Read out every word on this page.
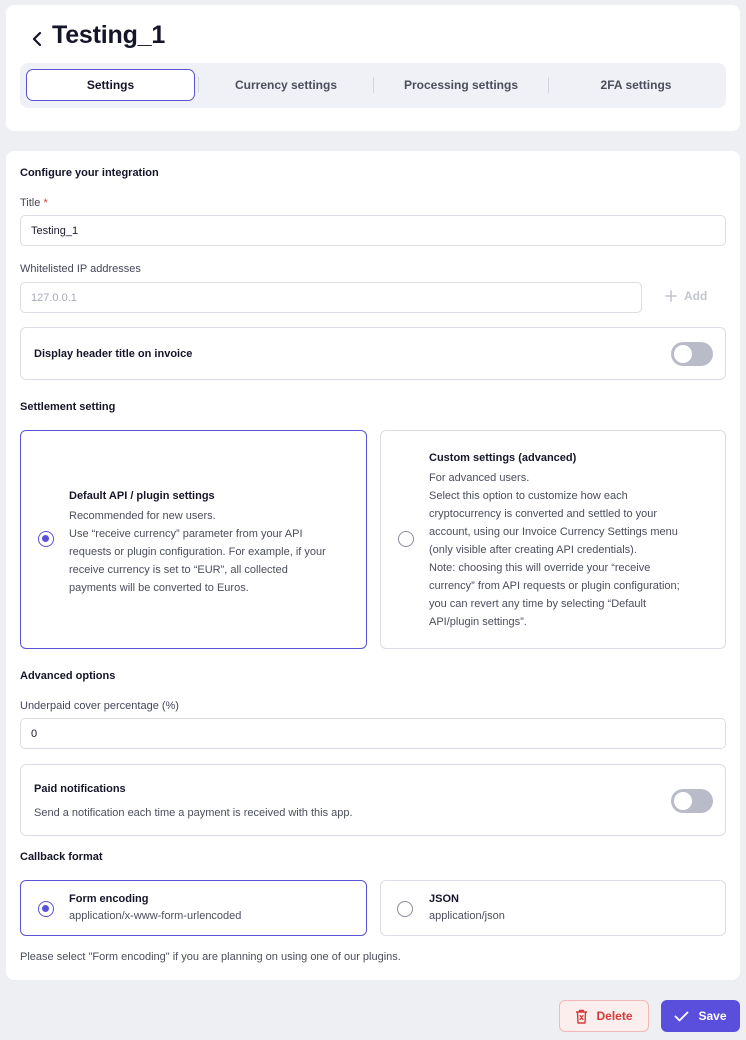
Testing_1
Settings	Currency settings	Processing settings	2FA settings
Configure your integration
Title *
Testing_1
Whitelisted IP addresses
127.0.0.1	Add
Display header title on invoice
Settlement setting
Default API / plugin settings
Recommended for new users.
Use “receive currency” parameter from your API
requests or plugin configuration. For example, if your
receive currency is set to “EUR”, all collected
payments will be converted to Euros.
Custom settings (advanced)
For advanced users.
Select this option to customize how each
cryptocurrency is converted and settled to your
account, using our Invoice Currency Settings menu
(only visible after creating API credentials).
Note: choosing this will override your “receive
currency” from API requests or plugin configuration;
you can revert any time by selecting “Default
API/plugin settings”.
Advanced options
Underpaid cover percentage (%)
0
Paid notifications
Send a notification each time a payment is received with this app.
Callback format
Form encoding
application/x-www-form-urlencoded
JSON
application/json
Please select "Form encoding" if you are planning on using one of our plugins.
Delete	Save
